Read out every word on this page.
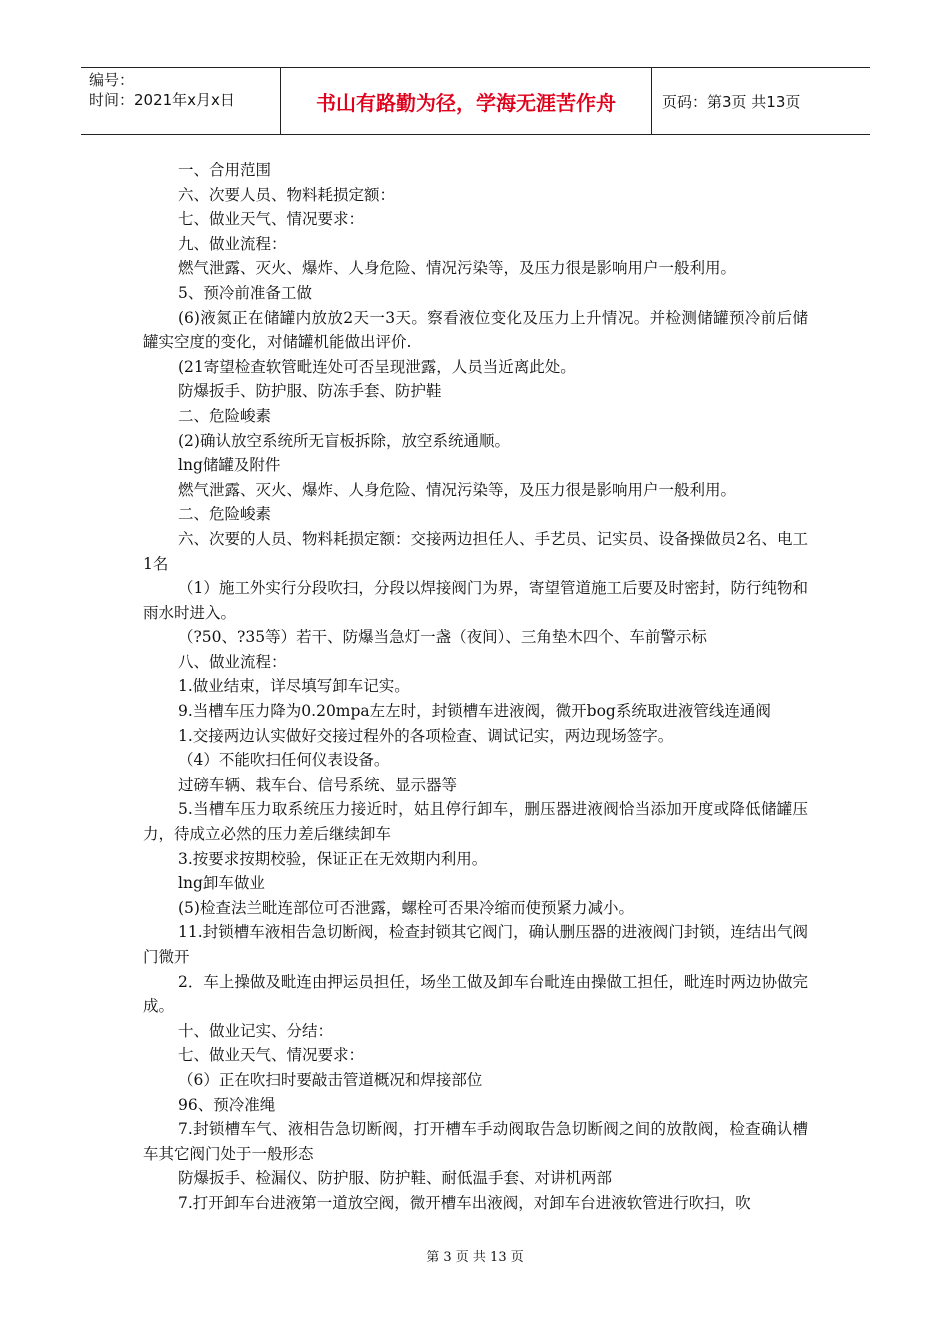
编号：
时间：2021年x月x日	书山有路勤为径，学海无涯苦作舟	页码：第3页 共13页

一、合用范围

六、次要人员、物料耗损定额：

七、做业天气、情况要求：

九、做业流程：

燃气泄露、灭火、爆炸、人身危险、情况污染等，及压力很是影响用户一般利用。

5、预冷前准备工做

(6)液氮正在储罐内放放2天一3天。察看液位变化及压力上升情况。并检测储罐预冷前后储罐实空度的变化，对储罐机能做出评价.

(21寄望检查软管毗连处可否呈现泄露，人员当近离此处。

防爆扳手、防护服、防冻手套、防护鞋

二、危险峻素

(2)确认放空系统所无盲板拆除，放空系统通顺。

lng储罐及附件

燃气泄露、灭火、爆炸、人身危险、情况污染等，及压力很是影响用户一般利用。

二、危险峻素

六、次要的人员、物料耗损定额：交接两边担任人、手艺员、记实员、设备操做员2名、电工1名

（1）施工外实行分段吹扫，分段以焊接阀门为界，寄望管道施工后要及时密封，防行纯物和雨水时进入。

（?50、?35等）若干、防爆当急灯一盏（夜间）、三角垫木四个、车前警示标

八、做业流程：

1.做业结束，详尽填写卸车记实。

9.当槽车压力降为0.20mpa左左时，封锁槽车进液阀，微开bog系统取进液管线连通阀

1.交接两边认实做好交接过程外的各项检查、调试记实，两边现场签字。

（4）不能吹扫任何仪表设备。

过磅车辆、栽车台、信号系统、显示器等

5.当槽车压力取系统压力接近时，姑且停行卸车，删压器进液阀恰当添加开度或降低储罐压力，待成立必然的压力差后继续卸车

3.按要求按期校验，保证正在无效期内利用。

lng卸车做业

(5)检查法兰毗连部位可否泄露，螺栓可否果冷缩而使预紧力减小。

11.封锁槽车液相告急切断阀，检查封锁其它阀门，确认删压器的进液阀门封锁，连结出气阀门微开

2．车上操做及毗连由押运员担任，场坐工做及卸车台毗连由操做工担任，毗连时两边协做完成。

十、做业记实、分结：

七、做业天气、情况要求：

（6）正在吹扫时要敲击管道概况和焊接部位

96、预冷准绳

7.封锁槽车气、液相告急切断阀，打开槽车手动阀取告急切断阀之间的放散阀，检查确认槽车其它阀门处于一般形态

防爆扳手、检漏仪、防护服、防护鞋、耐低温手套、对讲机两部

7.打开卸车台进液第一道放空阀，微开槽车出液阀，对卸车台进液软管进行吹扫，吹

第 3 页 共 13 页
